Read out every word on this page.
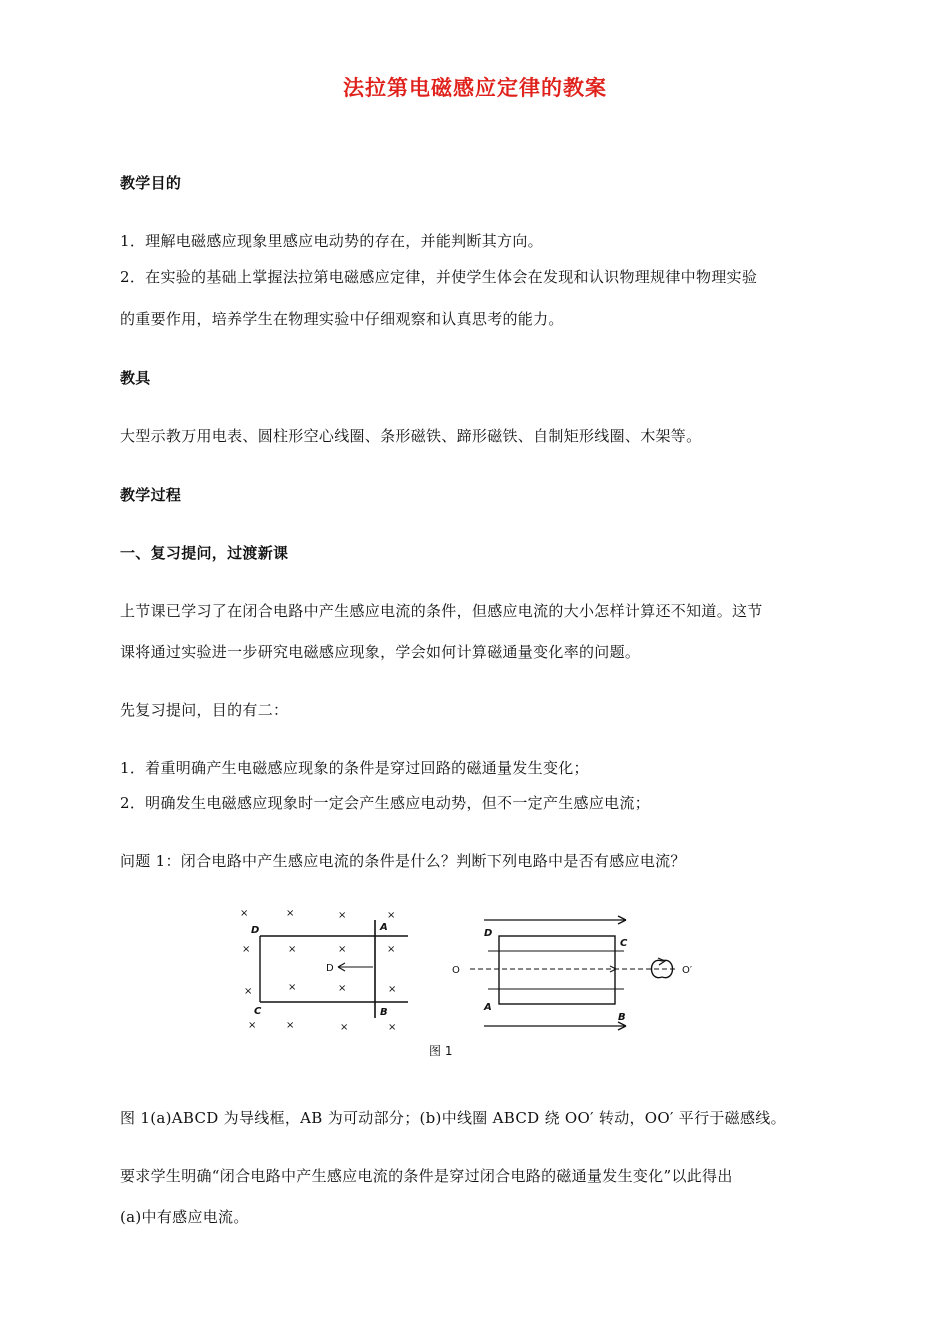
法拉第电磁感应定律的教案
教学目的
1．理解电磁感应现象里感应电动势的存在，并能判断其方向。
2．在实验的基础上掌握法拉第电磁感应定律，并使学生体会在发现和认识物理规律中物理实验
的重要作用，培养学生在物理实验中仔细观察和认真思考的能力。
教具
大型示教万用电表、圆柱形空心线圈、条形磁铁、蹄形磁铁、自制矩形线圈、木架等。
教学过程
一、复习提问，过渡新课
上节课已学习了在闭合电路中产生感应电流的条件，但感应电流的大小怎样计算还不知道。这节
课将通过实验进一步研究电磁感应现象，学会如何计算磁通量变化率的问题。
先复习提问，目的有二：
1．着重明确产生电磁感应现象的条件是穿过回路的磁通量发生变化；
2．明确发生电磁感应现象时一定会产生感应电动势，但不一定产生感应电流；
问题 1：闭合电路中产生感应电流的条件是什么？判断下列电路中是否有感应电流？
×	×	×	×
×	×	×	×
×	×	×	×
×	×	×	×
D	A
C	B
D	O	O′
D
C
A
B
图 1
图 1(a)ABCD 为导线框，AB 为可动部分；(b)中线圈 ABCD 绕 OO′ 转动，OO′ 平行于磁感线。
要求学生明确“闭合电路中产生感应电流的条件是穿过闭合电路的磁通量发生变化”以此得出
(a)中有感应电流。
